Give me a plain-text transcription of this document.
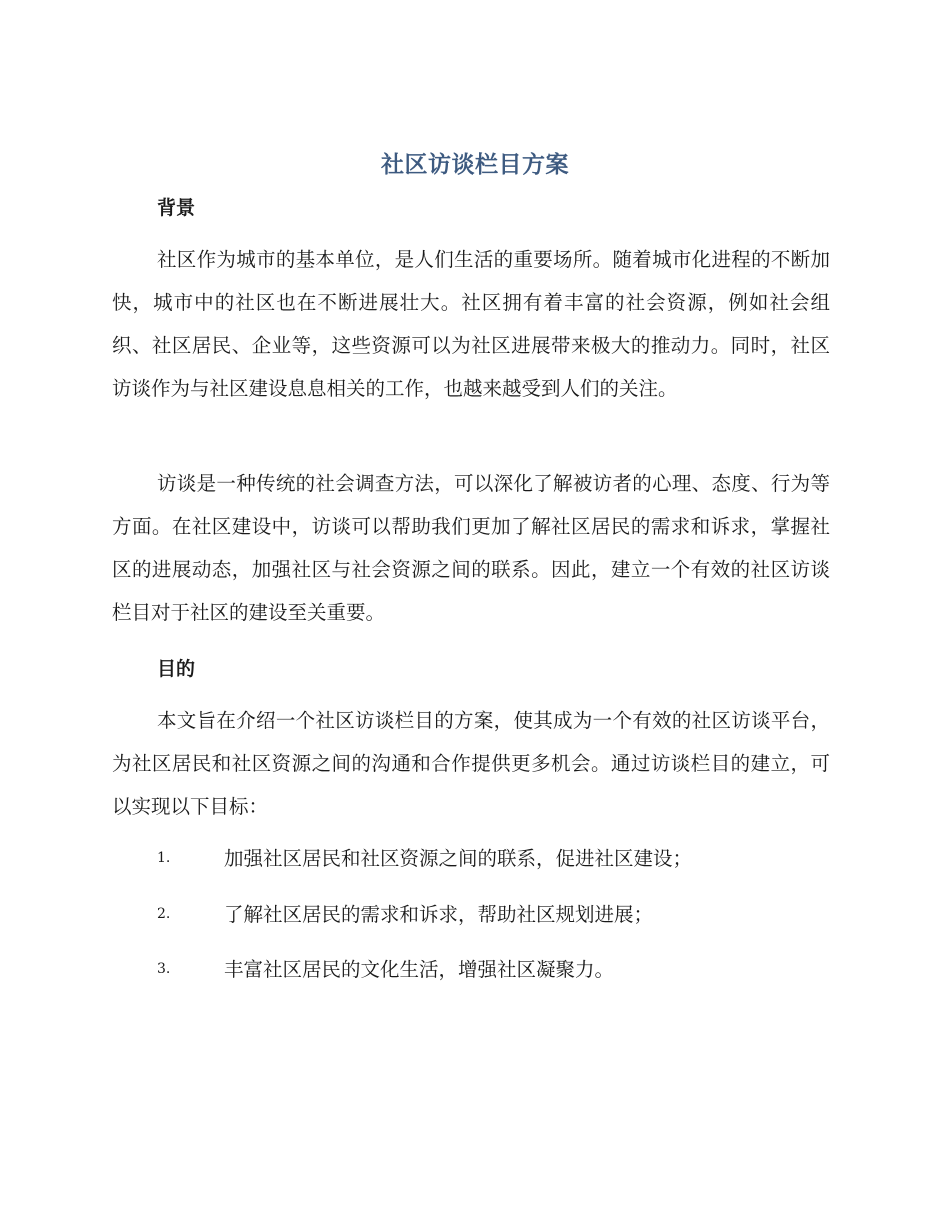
社区访谈栏目方案
背景

社区作为城市的基本单位，是人们生活的重要场所。随着城市化进程的不断加快，城市中的社区也在不断进展壮大。社区拥有着丰富的社会资源，例如社会组织、社区居民、企业等，这些资源可以为社区进展带来极大的推动力。同时，社区访谈作为与社区建设息息相关的工作，也越来越受到人们的关注。

访谈是一种传统的社会调查方法，可以深化了解被访者的心理、态度、行为等方面。在社区建设中，访谈可以帮助我们更加了解社区居民的需求和诉求，掌握社区的进展动态，加强社区与社会资源之间的联系。因此，建立一个有效的社区访谈栏目对于社区的建设至关重要。

目的

本文旨在介绍一个社区访谈栏目的方案，使其成为一个有效的社区访谈平台，为社区居民和社区资源之间的沟通和合作提供更多机会。通过访谈栏目的建立，可以实现以下目标：

1.	加强社区居民和社区资源之间的联系，促进社区建设；
2.	了解社区居民的需求和诉求，帮助社区规划进展；
3.	丰富社区居民的文化生活，增强社区凝聚力。
